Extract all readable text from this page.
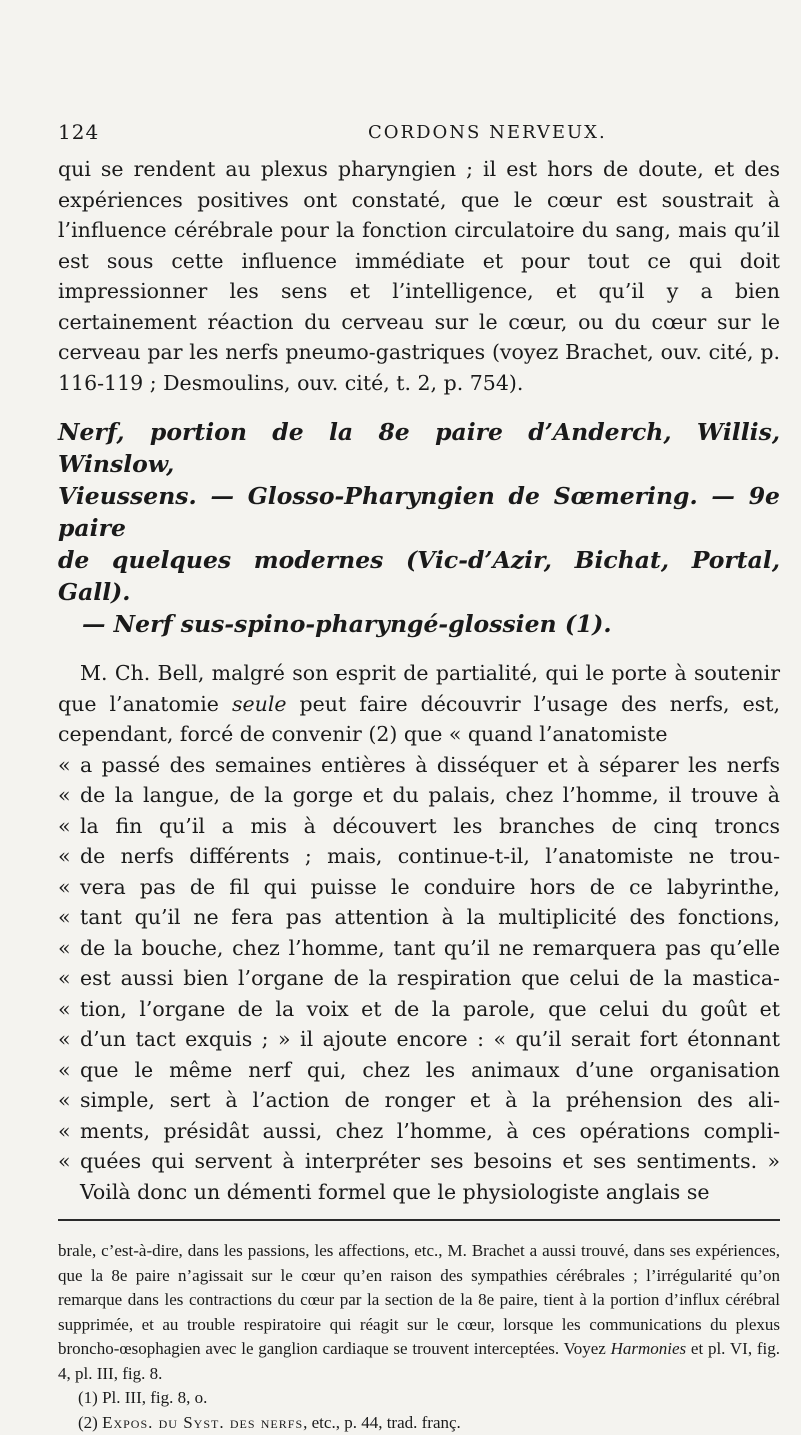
124	CORDONS NERVEUX.

qui se rendent au plexus pharyngien ; il est hors de doute, et des expériences positives ont constaté, que le cœur est soustrait à l’influence cérébrale pour la fonction circulatoire du sang, mais qu’il est sous cette influence immédiate et pour tout ce qui doit impressionner les sens et l’intelligence, et qu’il y a bien certainement réaction du cerveau sur le cœur, ou du cœur sur le cerveau par les nerfs pneumo-gastriques (voyez Brachet, ouv. cité, p. 116-119 ; Desmoulins, ouv. cité, t. 2, p. 754).

Nerf, portion de la 8e paire d’Anderch, Willis, Winslow,
Vieussens. — Glosso-Pharyngien de Sœmering. — 9e paire
de quelques modernes (Vic-d’Azir, Bichat, Portal, Gall).
— Nerf sus-spino-pharyngé-glossien (1).

M. Ch. Bell, malgré son esprit de partialité, qui le porte à soutenir que l’anatomie seule peut faire découvrir l’usage des nerfs, est, cependant, forcé de convenir (2) que « quand l’anatomiste

« a passé des semaines entières à disséquer et à séparer les nerfs
« de la langue, de la gorge et du palais, chez l’homme, il trouve à
« la fin qu’il a mis à découvert les branches de cinq troncs
« de nerfs différents ; mais, continue-t-il, l’anatomiste ne trou-
« vera pas de fil qui puisse le conduire hors de ce labyrinthe,
« tant qu’il ne fera pas attention à la multiplicité des fonctions,
« de la bouche, chez l’homme, tant qu’il ne remarquera pas qu’elle
« est aussi bien l’organe de la respiration que celui de la mastica-
« tion, l’organe de la voix et de la parole, que celui du goût et
« d’un tact exquis ; » il ajoute encore : « qu’il serait fort étonnant
« que le même nerf qui, chez les animaux d’une organisation
« simple, sert à l’action de ronger et à la préhension des ali-
« ments, présidât aussi, chez l’homme, à ces opérations compli-
« quées qui servent à interpréter ses besoins et ses sentiments. »

Voilà donc un démenti formel que le physiologiste anglais se

brale, c’est-à-dire, dans les passions, les affections, etc., M. Brachet a aussi trouvé, dans ses expériences, que la 8e paire n’agissait sur le cœur qu’en raison des sympathies cérébrales ; l’irrégularité qu’on remarque dans les contractions du cœur par la section de la 8e paire, tient à la portion d’influx cérébral supprimée, et au trouble respiratoire qui réagit sur le cœur, lorsque les communications du plexus broncho-œsophagien avec le ganglion cardiaque se trouvent interceptées. Voyez Harmonies et pl. VI, fig. 4, pl. III, fig. 8.

(1) Pl. III, fig. 8, o.

(2) Expos. du Syst. des nerfs, etc., p. 44, trad. franç.
